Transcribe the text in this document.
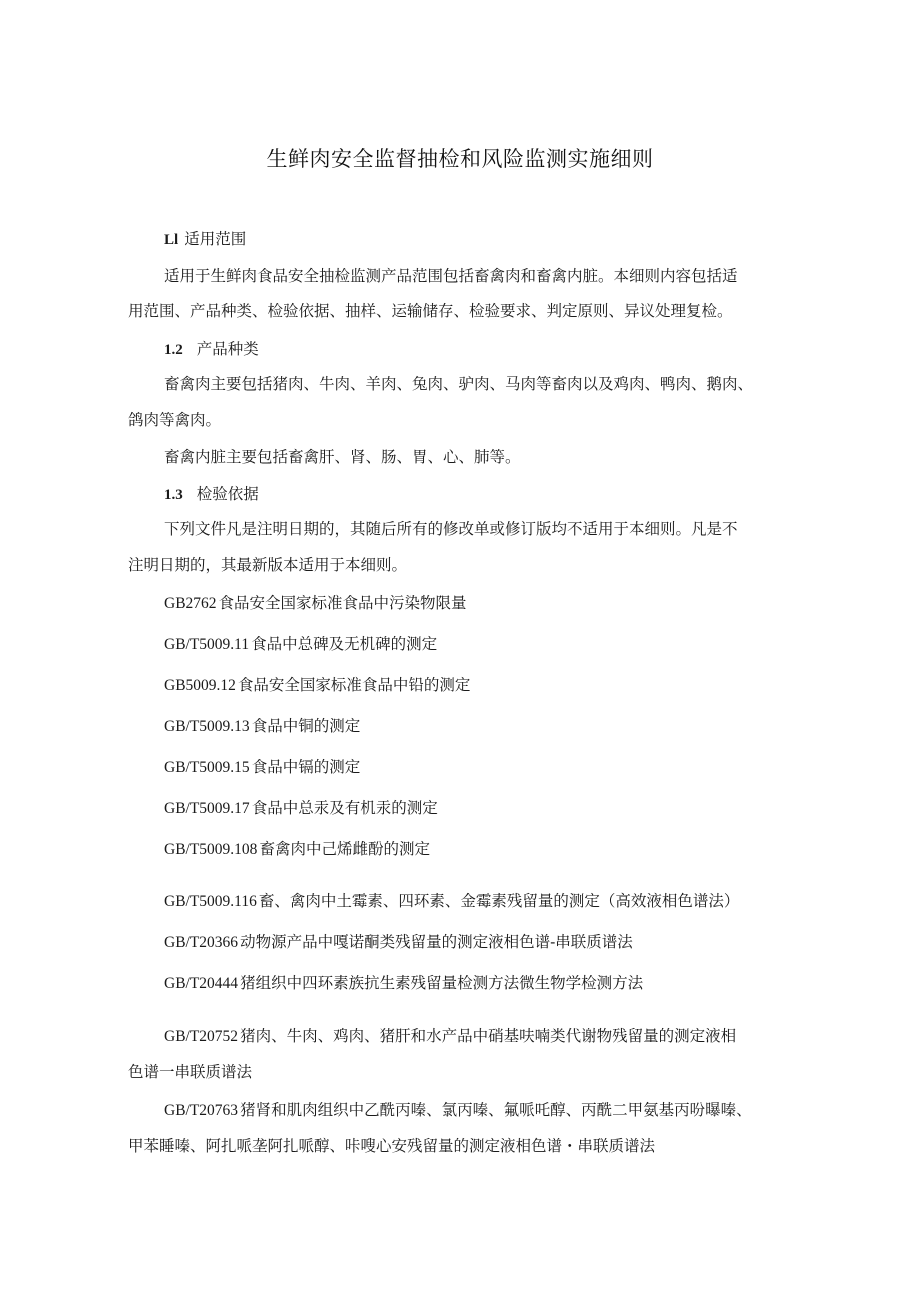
生鲜肉安全监督抽检和风险监测实施细则
Ll 适用范围
适用于生鲜肉食品安全抽检监测产品范围包括畜禽肉和畜禽内脏。本细则内容包括适
用范围、产品种类、检验依据、抽样、运输储存、检验要求、判定原则、异议处理复检。
1.2 产品种类
畜禽肉主要包括猪肉、牛肉、羊肉、兔肉、驴肉、马肉等畜肉以及鸡肉、鸭肉、鹅肉、
鸽肉等禽肉。
畜禽内脏主要包括畜禽肝、肾、肠、胃、心、肺等。
1.3 检验依据
下列文件凡是注明日期的，其随后所有的修改单或修订版均不适用于本细则。凡是不
注明日期的，其最新版本适用于本细则。
GB2762 食品安全国家标准食品中污染物限量
GB/T5009.11 食品中总碑及无机碑的测定
GB5009.12 食品安全国家标准食品中铅的测定
GB/T5009.13 食品中铜的测定
GB/T5009.15 食品中镉的测定
GB/T5009.17 食品中总汞及有机汞的测定
GB/T5009.108 畜禽肉中己烯雌酚的测定
GB/T5009.116 畜、禽肉中土霉素、四环素、金霉素残留量的测定（高效液相色谱法）
GB/T20366 动物源产品中嘎诺酮类残留量的测定液相色谱-串联质谱法
GB/T20444 猪组织中四环素族抗生素残留量检测方法微生物学检测方法
GB/T20752 猪肉、牛肉、鸡肉、猪肝和水产品中硝基呋喃类代谢物残留量的测定液相
色谱一串联质谱法
GB/T20763 猪肾和肌肉组织中乙酰丙嗪、氯丙嗪、氟哌吒醇、丙酰二甲氨基丙吩曝嗪、
甲苯睡嗪、阿扎哌垄阿扎哌醇、咔嗖心安残留量的测定液相色谱・串联质谱法
